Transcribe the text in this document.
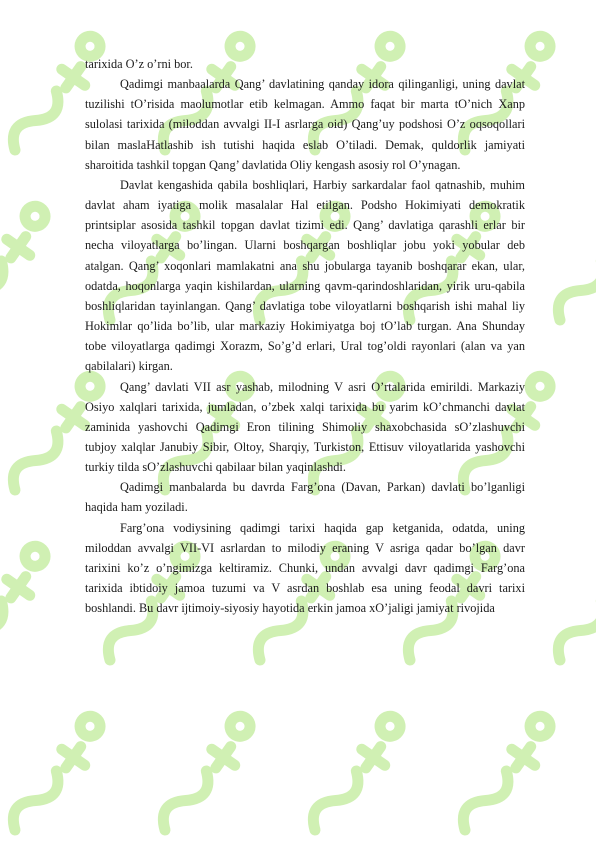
tarixida O’z o’rni bor.

Qadimgi manbaalarda Qang’ davlatining qanday idora qilinganligi, uning davlat tuzilishi tO’risida maolumotlar etib kelmagan. Ammo faqat bir marta tO’nich Xanp sulolasi tarixida (miloddan avvalgi II-I asrlarga oid) Qang’uy podshosi O’z oqsoqollari bilan maslaHatlashib ish tutishi haqida eslab O’tiladi. Demak, quldorlik jamiyati sharoitida tashkil topgan Qang’ davlatida Oliy kengash asosiy rol O’ynagan.

Davlat kengashida qabila boshliqlari, Harbiy sarkardalar faol qatnashib, muhim davlat aham iyatiga molik masalalar Hal etilgan. Podsho Hokimiyati demokratik printsiplar asosida tashkil topgan davlat tizimi edi. Qang’ davlatiga qarashli erlar bir necha viloyatlarga bo’lingan. Ularni boshqargan boshliqlar jobu yoki yobular deb atalgan. Qang’ xoqonlari mamlakatni ana shu jobularga tayanib boshqarar ekan, ular, odatda, hoqonlarga yaqin kishilardan, ularning qavm-qarindoshlaridan, yirik uru-qabila boshliqlaridan tayinlangan. Qang’ davlatiga tobe viloyatlarni boshqarish ishi mahal liy Hokimlar qo’lida bo’lib, ular markaziy Hokimiyatga boj tO’lab turgan. Ana Shunday tobe viloyatlarga qadimgi Xorazm, So’g’d erlari, Ural tog’oldi rayonlari (alan va yan qabilalari) kirgan.

Qang’ davlati VII asr yashab, milodning V asri O’rtalarida emirildi. Markaziy Osiyo xalqlari tarixida, jumladan, o’zbek xalqi tarixida bu yarim kO’chmanchi davlat zaminida yashovchi Qadimgi Eron tilining Shimoliy shaxobchasida sO’zlashuvchi tubjoy xalqlar Janubiy Sibir, Oltoy, Sharqiy, Turkiston, Ettisuv viloyatlarida yashovchi turkiy tilda sO’zlashuvchi qabilaar bilan yaqinlashdi.

Qadimgi manbalarda bu davrda Farg’ona (Davan, Parkan) davlati bo’lganligi haqida ham yoziladi.

Farg’ona vodiysining qadimgi tarixi haqida gap ketganida, odatda, uning miloddan avvalgi VII-VI asrlardan to milodiy eraning V asriga qadar bo’lgan davr tarixini ko’z o’ngimizga keltiramiz. Chunki, undan avvalgi davr qadimgi Farg’ona tarixida ibtidoiy jamoa tuzumi va V asrdan boshlab esa uning feodal davri tarixi boshlandi. Bu davr ijtimoiy-siyosiy hayotida erkin jamoa xO’jaligi jamiyat rivojida
